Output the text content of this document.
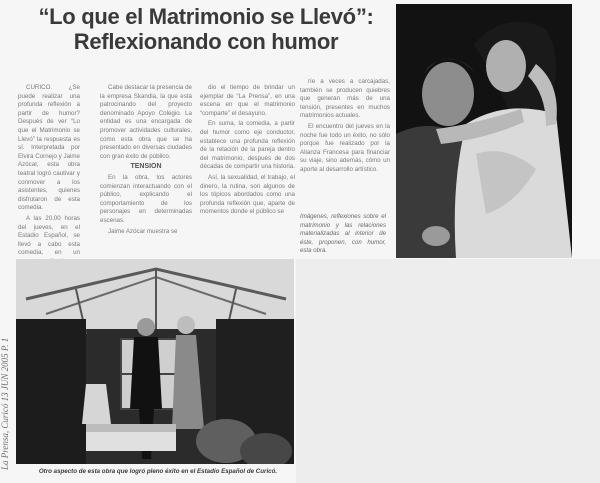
“Lo que el Matrimonio se Llevó”:
Reflexionando con humor

CURICO. ¿Se puede realizar una profunda reflexión a partir de humor? Después de ver “Lo que el Matrimonio se Llevó” la respuesta es sí. Interpretada por Elvira Cornejo y Jaime Azócar, esta obra teatral logró cautivar y conmover a los asistentes, quienes disfrutaron de esta comedia.

A las 20.00 horas del jueves, en el Estadio Español, se llevó a cabo esta comedia, en un

Cabe destacar la presencia de la empresa Skandia, la que está patrocinando del proyecto denominado Apoyo Colegio. La entidad es una encargada de promover actividades culturales, como esta obra que se ha presentado en diversas ciudades con gran éxito de público.

TENSION

En la obra, los actores comienzan interactuando con el público, explicando el comportamiento de los personajes en determinadas escenas.

Jaime Azócar muestra se

dio el tiempo de brindar un ejemplar de “La Prensa”, en una escena en que el matrimonio “comparte” el desayuno.

En suma, la comedia, a partir del humor como eje conductor, establece una profunda reflexión de la relación de la pareja dentro del matrimonio, después de dos décadas de compartir una historia.

Así, la sexualidad, el trabajo, el dinero, la rutina, son algunos de los tópicos abordados como una profunda reflexión que, aparte de momentos donde el público se

ríe a veces a carcajadas, también se producen quiebres que generan más de una tensión, presentes en muchos matrimonios actuales.

El encuentro del jueves en la noche fue todo un éxito, no sólo porque fue realizado por la Alianza Francesa para financiar su viaje, sino además, cómo un aporte al desarrollo artístico.

Imágenes, reflexiones sobre el matrimonio y las relaciones materializadas al interior de éste, proponen, con humor, esta obra.
Otro aspecto de esta obra que logró pleno éxito en el Estadio Español de Curicó.
La Prensa, Curicó 13 JUN 2005 P. 1
